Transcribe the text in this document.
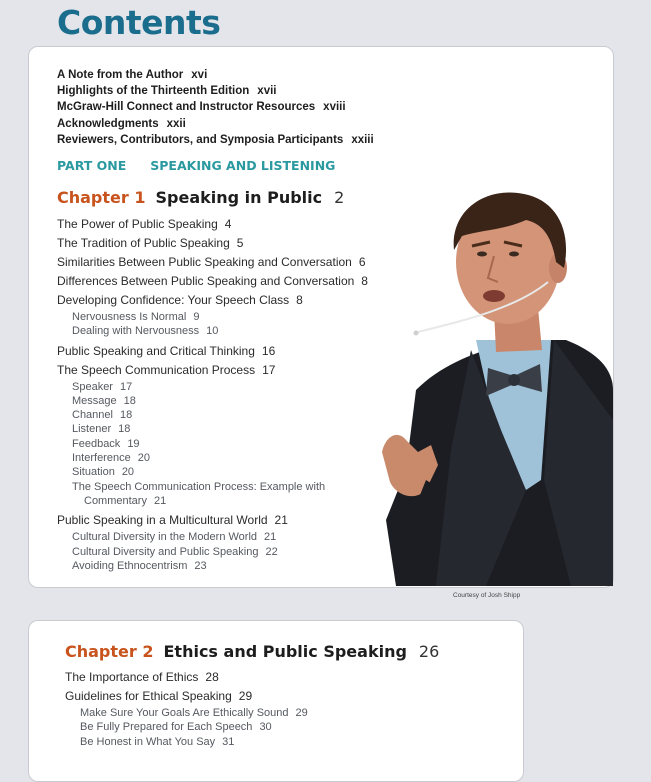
Contents
A Note from the Author xvi
Highlights of the Thirteenth Edition xvii
McGraw-Hill Connect and Instructor Resources xviii
Acknowledgments xxii
Reviewers, Contributors, and Symposia Participants xxiii
PART ONE SPEAKING AND LISTENING
Chapter 1 Speaking in Public 2
The Power of Public Speaking 4
The Tradition of Public Speaking 5
Similarities Between Public Speaking and Conversation 6
Differences Between Public Speaking and Conversation 8
Developing Confidence: Your Speech Class 8
Nervousness Is Normal 9
Dealing with Nervousness 10
Public Speaking and Critical Thinking 16
The Speech Communication Process 17
Speaker 17
Message 18
Channel 18
Listener 18
Feedback 19
Interference 20
Situation 20
The Speech Communication Process: Example with
Commentary 21
Public Speaking in a Multicultural World 21
Cultural Diversity in the Modern World 21
Cultural Diversity and Public Speaking 22
Avoiding Ethnocentrism 23
Courtesy of Josh Shipp
Chapter 2 Ethics and Public Speaking 26
The Importance of Ethics 28
Guidelines for Ethical Speaking 29
Make Sure Your Goals Are Ethically Sound 29
Be Fully Prepared for Each Speech 30
Be Honest in What You Say 31
